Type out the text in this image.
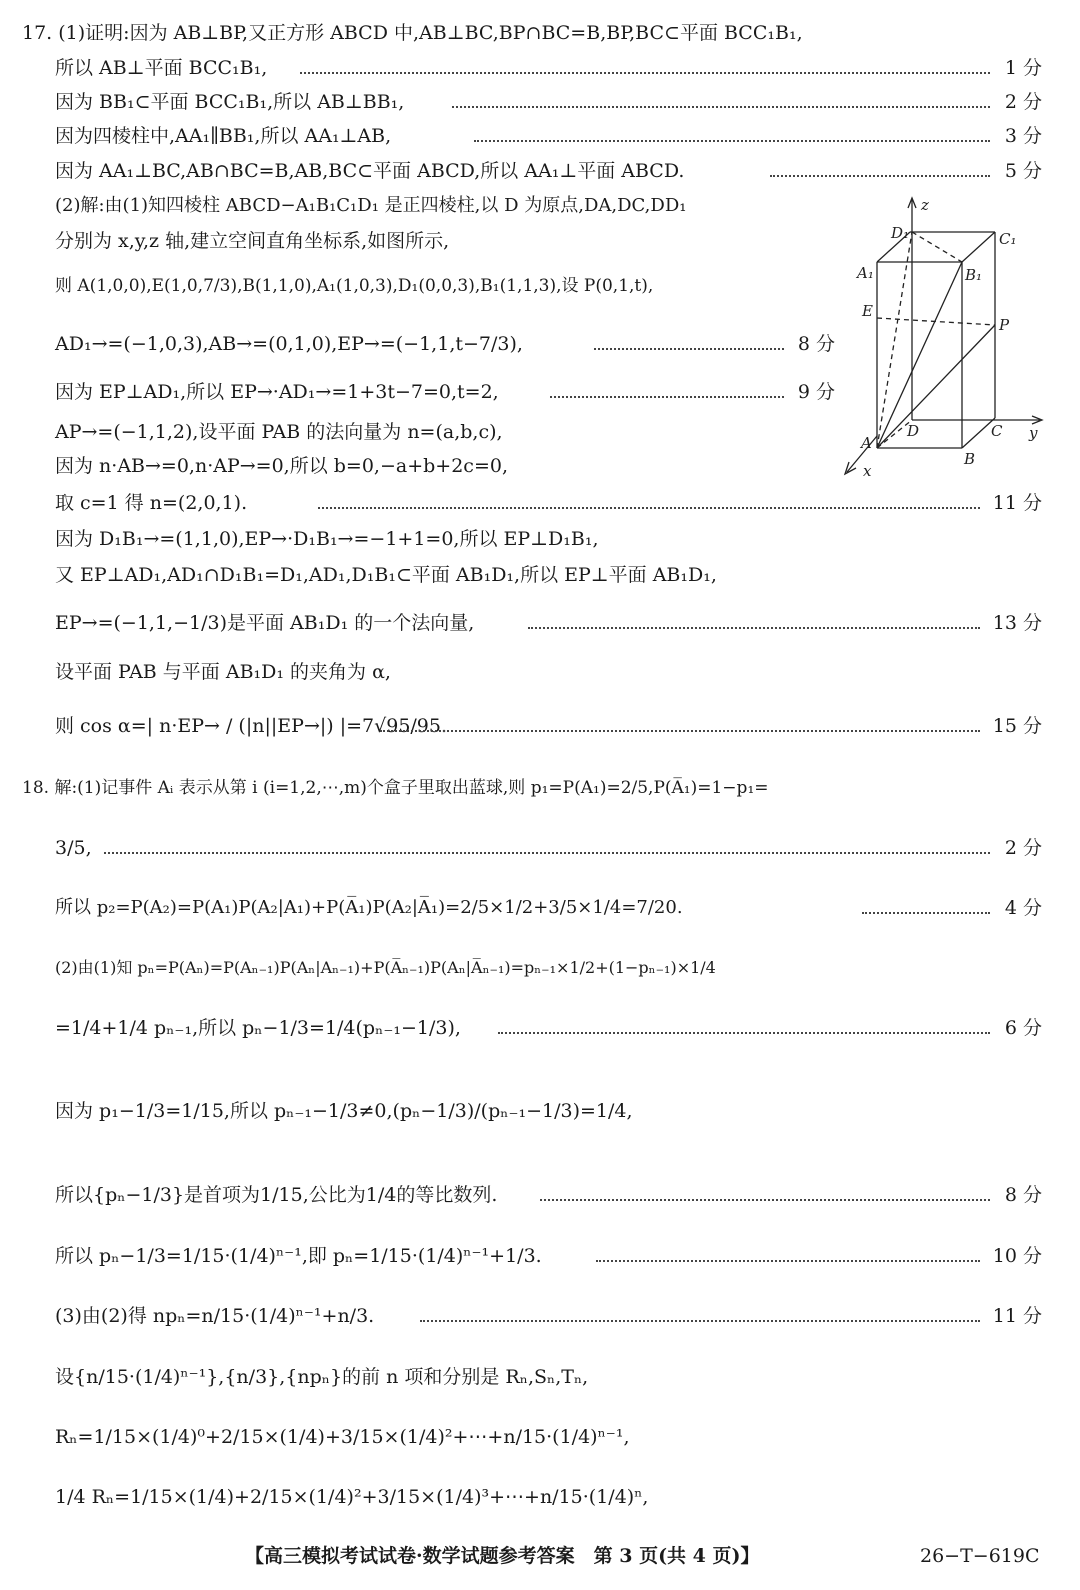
17. (1)证明:因为 AB⊥BP,又正方形 ABCD 中,AB⊥BC,BP∩BC=B,BP,BC⊂平面 BCC₁B₁,
所以 AB⊥平面 BCC₁B₁,	1 分
因为 BB₁⊂平面 BCC₁B₁,所以 AB⊥BB₁,	2 分
因为四棱柱中,AA₁∥BB₁,所以 AA₁⊥AB,	3 分
因为 AA₁⊥BC,AB∩BC=B,AB,BC⊂平面 ABCD,所以 AA₁⊥平面 ABCD.	5 分
(2)解:由(1)知四棱柱 ABCD−A₁B₁C₁D₁ 是正四棱柱,以 D 为原点,DA,DC,DD₁
分别为 x,y,z 轴,建立空间直角坐标系,如图所示,
则 A(1,0,0),E(1,0,7/3),B(1,1,0),A₁(1,0,3),D₁(0,0,3),B₁(1,1,3),设 P(0,1,t),
AD₁→=(−1,0,3),AB→=(0,1,0),EP→=(−1,1,t−7/3),	8 分
因为 EP⊥AD₁,所以 EP→·AD₁→=1+3t−7=0,t=2,	9 分
AP→=(−1,1,2),设平面 PAB 的法向量为 n=(a,b,c),
因为 n·AB→=0,n·AP→=0,所以 b=0,−a+b+2c=0,
取 c=1 得 n=(2,0,1).	11 分
因为 D₁B₁→=(1,1,0),EP→·D₁B₁→=−1+1=0,所以 EP⊥D₁B₁,
又 EP⊥AD₁,AD₁∩D₁B₁=D₁,AD₁,D₁B₁⊂平面 AB₁D₁,所以 EP⊥平面 AB₁D₁,
EP→=(−1,1,−1/3)是平面 AB₁D₁ 的一个法向量,	13 分
设平面 PAB 与平面 AB₁D₁ 的夹角为 α,
则 cos α=| n·EP→ / (|n||EP→|) |=7√95/95.	15 分
z
y
x
D₁	C₁
A₁	B₁
E
P
A
D	C
B
18. 解:(1)记事件 Aᵢ 表示从第 i (i=1,2,⋯,m)个盒子里取出蓝球,则 p₁=P(A₁)=2/5,P(A̅₁)=1−p₁=
3/5,	2 分
所以 p₂=P(A₂)=P(A₁)P(A₂|A₁)+P(A̅₁)P(A₂|A̅₁)=2/5×1/2+3/5×1/4=7/20.	4 分
(2)由(1)知 pₙ=P(Aₙ)=P(Aₙ₋₁)P(Aₙ|Aₙ₋₁)+P(A̅ₙ₋₁)P(Aₙ|A̅ₙ₋₁)=pₙ₋₁×1/2+(1−pₙ₋₁)×1/4
=1/4+1/4 pₙ₋₁,所以 pₙ−1/3=1/4(pₙ₋₁−1/3),	6 分
因为 p₁−1/3=1/15,所以 pₙ₋₁−1/3≠0,(pₙ−1/3)/(pₙ₋₁−1/3)=1/4,
所以{pₙ−1/3}是首项为1/15,公比为1/4的等比数列.	8 分
所以 pₙ−1/3=1/15·(1/4)ⁿ⁻¹,即 pₙ=1/15·(1/4)ⁿ⁻¹+1/3.	10 分
(3)由(2)得 npₙ=n/15·(1/4)ⁿ⁻¹+n/3.	11 分
设{n/15·(1/4)ⁿ⁻¹},{n/3},{npₙ}的前 n 项和分别是 Rₙ,Sₙ,Tₙ,
Rₙ=1/15×(1/4)⁰+2/15×(1/4)+3/15×(1/4)²+⋯+n/15·(1/4)ⁿ⁻¹,
1/4 Rₙ=1/15×(1/4)+2/15×(1/4)²+3/15×(1/4)³+⋯+n/15·(1/4)ⁿ,
【高三模拟考试试卷·数学试题参考答案　第 3 页(共 4 页)】	26−T−619C
